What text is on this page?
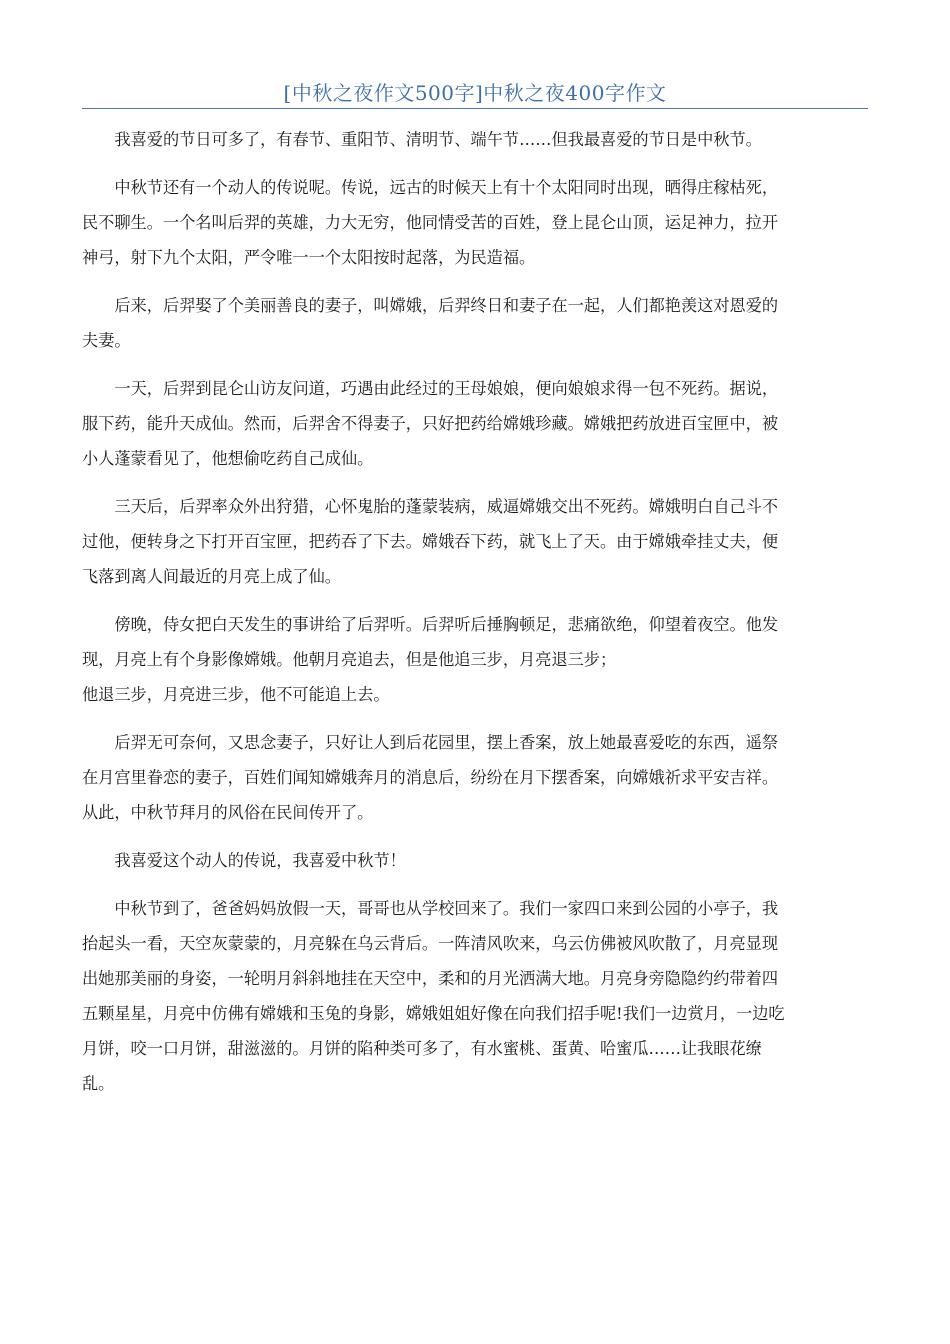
[中秋之夜作文500字]中秋之夜400字作文

我喜爱的节日可多了，有春节、重阳节、清明节、端午节……但我最喜爱的节日是中秋节。

中秋节还有一个动人的传说呢。传说，远古的时候天上有十个太阳同时出现，晒得庄稼枯死，
民不聊生。一个名叫后羿的英雄，力大无穷，他同情受苦的百姓，登上昆仑山顶，运足神力，拉开
神弓，射下九个太阳，严令唯一一个太阳按时起落，为民造福。

后来，后羿娶了个美丽善良的妻子，叫嫦娥，后羿终日和妻子在一起，人们都艳羡这对恩爱的
夫妻。

一天，后羿到昆仑山访友问道，巧遇由此经过的王母娘娘，便向娘娘求得一包不死药。据说，
服下药，能升天成仙。然而，后羿舍不得妻子，只好把药给嫦娥珍藏。嫦娥把药放进百宝匣中，被
小人蓬蒙看见了，他想偷吃药自己成仙。

三天后，后羿率众外出狩猎，心怀鬼胎的蓬蒙装病，威逼嫦娥交出不死药。嫦娥明白自己斗不
过他，便转身之下打开百宝匣，把药吞了下去。嫦娥吞下药，就飞上了天。由于嫦娥牵挂丈夫，便
飞落到离人间最近的月亮上成了仙。

傍晚，侍女把白天发生的事讲给了后羿听。后羿听后捶胸顿足，悲痛欲绝，仰望着夜空。他发
现，月亮上有个身影像嫦娥。他朝月亮追去，但是他追三步，月亮退三步；
他退三步，月亮进三步，他不可能追上去。

后羿无可奈何，又思念妻子，只好让人到后花园里，摆上香案，放上她最喜爱吃的东西，遥祭
在月宫里眷恋的妻子，百姓们闻知嫦娥奔月的消息后，纷纷在月下摆香案，向嫦娥祈求平安吉祥。
从此，中秋节拜月的风俗在民间传开了。

我喜爱这个动人的传说，我喜爱中秋节！

中秋节到了，爸爸妈妈放假一天，哥哥也从学校回来了。我们一家四口来到公园的小亭子，我
抬起头一看，天空灰蒙蒙的，月亮躲在乌云背后。一阵清风吹来，乌云仿佛被风吹散了，月亮显现
出她那美丽的身姿，一轮明月斜斜地挂在天空中，柔和的月光洒满大地。月亮身旁隐隐约约带着四
五颗星星，月亮中仿佛有嫦娥和玉兔的身影，嫦娥姐姐好像在向我们招手呢!我们一边赏月，一边吃
月饼，咬一口月饼，甜滋滋的。月饼的陷种类可多了，有水蜜桃、蛋黄、哈蜜瓜……让我眼花缭
乱。
